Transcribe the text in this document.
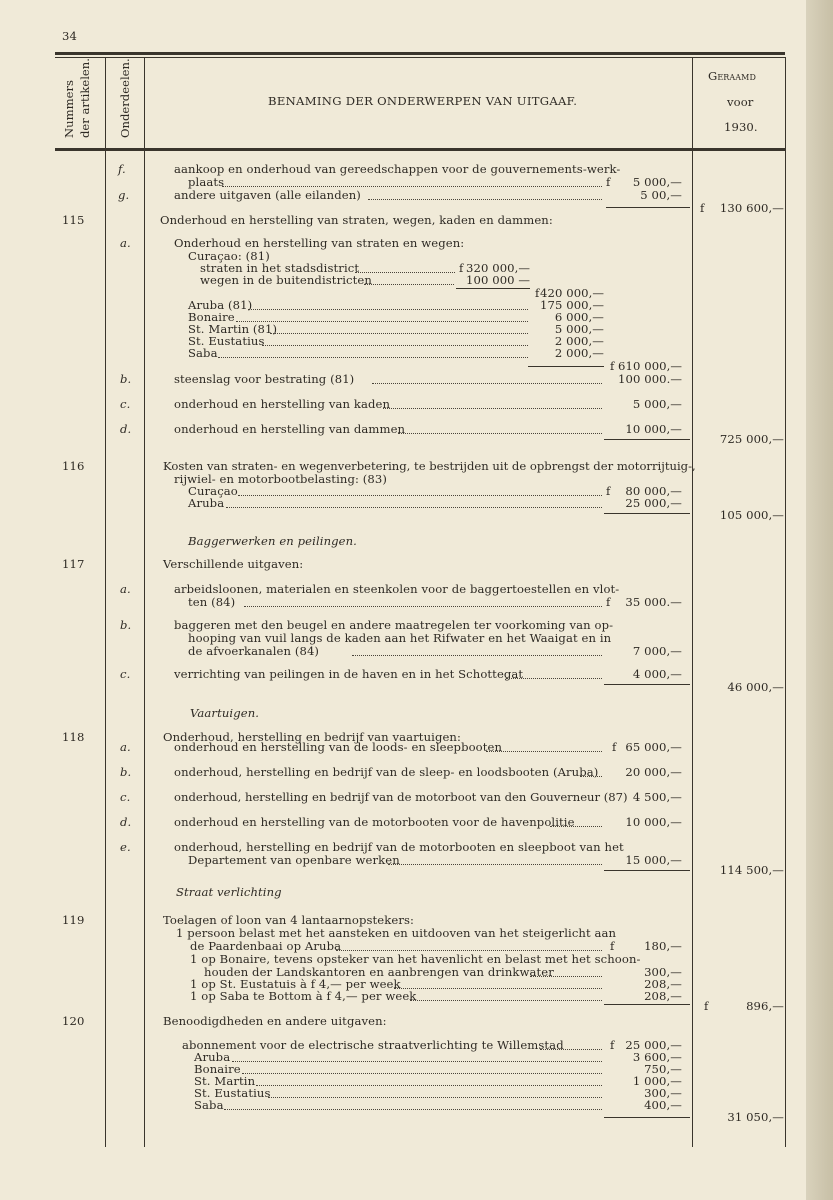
34
Nummers der artikelen. Onderdeelen.	BENAMING DER ONDERWERPEN VAN UITGAAF.
Geraamd
voor
1930.
f.	aankoop en onderhoud van gereedschappen voor de gouvernements-werk-
plaats	f	5 000,—
g.	andere uitgaven (alle eilanden)	5 00,—
f	130 600,—
115	Onderhoud en herstelling van straten, wegen, kaden en dammen:
a.	Onderhoud en herstelling van straten en wegen:
Curaçao: (81)
straten in het stadsdistrict	f 320 000,—
wegen in de buitendistricten	100 000 —
f 420 000,—
Aruba (81)	175 000,—
Bonaire	6 000,—
St. Martin (81)	5 000,—
St. Eustatius	2 000,—
Saba	2 000,—
f 610 000,—
b.	steenslag voor bestrating (81)	100 000.—
c.	onderhoud en herstelling van kaden	5 000,—
d.	onderhoud en herstelling van dammen	10 000,—
725 000,—
116	Kosten van straten- en wegenverbetering, te bestrijden uit de opbrengst der motorrijtuig-,
rijwiel- en motorbootbelasting: (83)
Curaçao	f	80 000,—
Aruba	25 000,—
105 000,—
Baggerwerken en peilingen.
117	Verschillende uitgaven:
a.	arbeidsloonen, materialen en steenkolen voor de baggertoestellen en vlot-
ten (84)	f	35 000.—
b.	baggeren met den beugel en andere maatregelen ter voorkoming van op-
hooping van vuil langs de kaden aan het Rifwater en het Waaigat en in
de afvoerkanalen (84)	7 000,—
c.	verrichting van peilingen in de haven en in het Schottegat	4 000,—
46 000,—
Vaartuigen.
118	Onderhoud, herstelling en bedrijf van vaartuigen:
a.	onderhoud en herstelling van de loods- en sleepbooten	f 65 000,—
b.	onderhoud, herstelling en bedrijf van de sleep- en loodsbooten (Aruba)	20 000,—
c.	onderhoud, herstelling en bedrijf van de motorboot van den Gouverneur (87) 4 500,—
d.	onderhoud en herstelling van de motorbooten voor de havenpolitie	10 000,—
e.	onderhoud, herstelling en bedrijf van de motorbooten en sleepboot van het
Departement van openbare werken	15 000,—
114 500,—
Straat verlichting
119	Toelagen of loon van 4 lantaarnopstekers:
1 persoon belast met het aansteken en uitdooven van het steigerlicht aan
de Paardenbaai op Aruba	f	180,—
1 op Bonaire, tevens opsteker van het havenlicht en belast met het schoon-
houden der Landskantoren en aanbrengen van drinkwater	300,—
1 op St. Eustatuis à f 4,— per week	208,—
1 op Saba te Bottom à f 4,— per week	208,—
f	896,—
120	Benoodigdheden en andere uitgaven:
abonnement voor de electrische straatverlichting te Willemstad	f 25 000,—
Aruba	3 600,—
Bonaire	750,—
St. Martin	1 000,—
St. Eustatius	300,—
Saba	400,—
31 050,—
